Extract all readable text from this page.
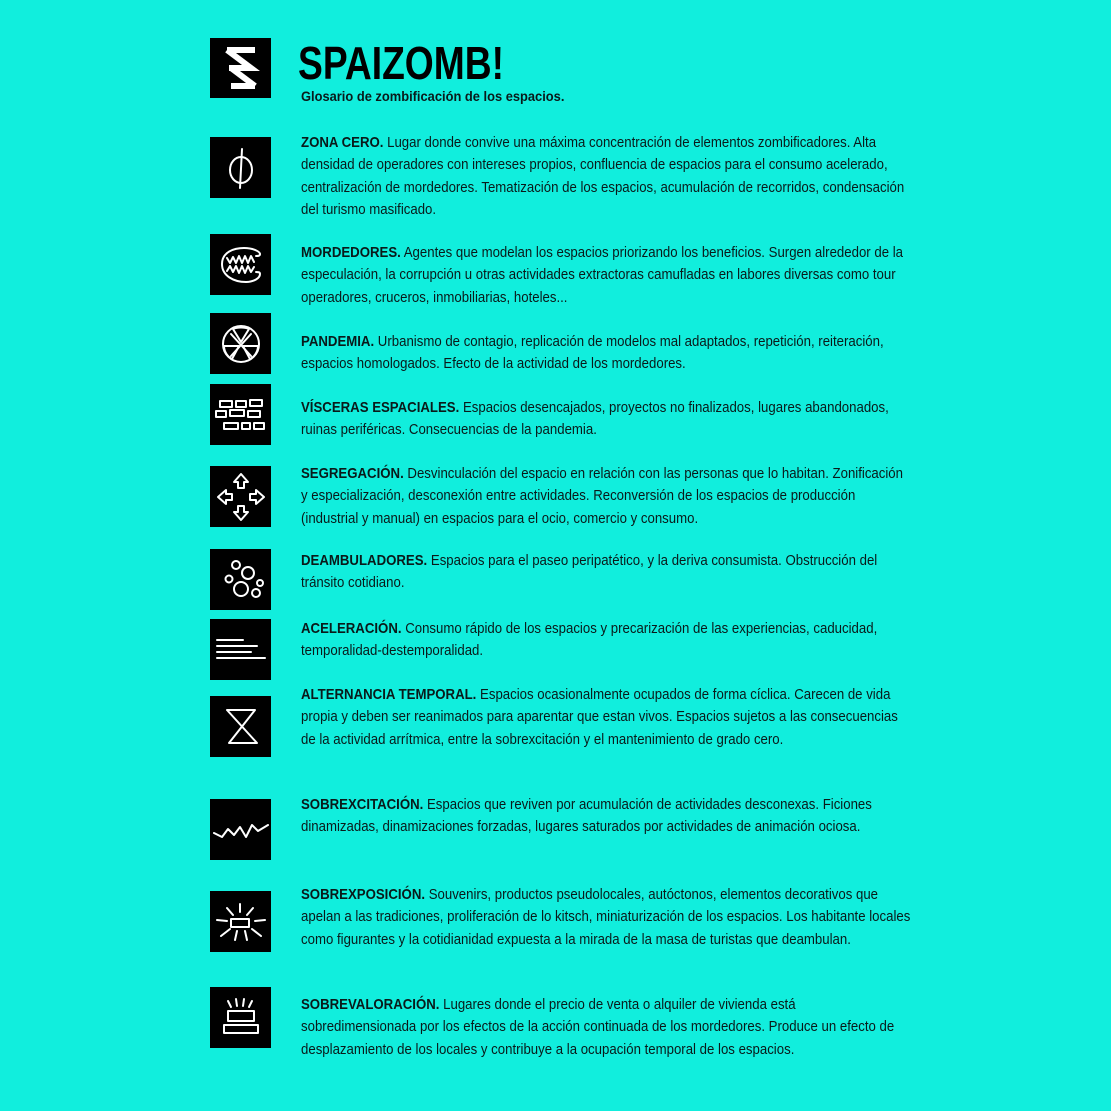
SPAIZOMB!
Glosario de zombificación de los espacios.
ZONA CERO. Lugar donde convive una máxima concentración de elementos zombificadores. Alta densidad de operadores con intereses propios, confluencia de espacios para el consumo acelerado, centralización de mordedores. Tematización de los espacios, acumulación de recorridos, condensación del turismo masificado.
MORDEDORES. Agentes que modelan los espacios priorizando los beneficios. Surgen alrededor de la especulación, la corrupción u otras actividades extractoras camufladas en labores diversas como tour operadores, cruceros, inmobiliarias, hoteles...
PANDEMIA. Urbanismo de contagio, replicación de modelos mal adaptados, repetición, reiteración, espacios homologados. Efecto de la actividad de los mordedores.
VÍSCERAS ESPACIALES. Espacios desencajados, proyectos no finalizados, lugares abandonados, ruinas periféricas. Consecuencias de la pandemia.
SEGREGACIÓN. Desvinculación del espacio en relación con las personas que lo habitan. Zonificación y especialización, desconexión entre actividades. Reconversión de los espacios de producción (industrial y manual) en espacios para el ocio, comercio y consumo.
DEAMBULADORES. Espacios para el paseo peripatético, y la deriva consumista. Obstrucción del tránsito cotidiano.
ACELERACIÓN. Consumo rápido de los espacios y precarización de las experiencias, caducidad, temporalidad-destemporalidad.
ALTERNANCIA TEMPORAL. Espacios ocasionalmente ocupados de forma cíclica. Carecen de vida propia y deben ser reanimados para aparentar que estan vivos. Espacios sujetos a las consecuencias de la actividad arrítmica, entre la sobrexcitación y el mantenimiento de grado cero.
SOBREXCITACIÓN. Espacios que reviven por acumulación de actividades desconexas. Ficiones dinamizadas, dinamizaciones forzadas, lugares saturados por actividades de animación ociosa.
SOBREXPOSICIÓN. Souvenirs, productos pseudolocales, autóctonos, elementos decorativos que apelan a las tradiciones, proliferación de lo kitsch, miniaturización de los espacios. Los habitante locales como figurantes y la cotidianidad expuesta a la mirada de la masa de turistas que deambulan.
SOBREVALORACIÓN. Lugares donde el precio de venta o alquiler de vivienda está sobredimensionada por los efectos de la acción continuada de los mordedores. Produce un efecto de desplazamiento de los locales y contribuye a la ocupación temporal de los espacios.
